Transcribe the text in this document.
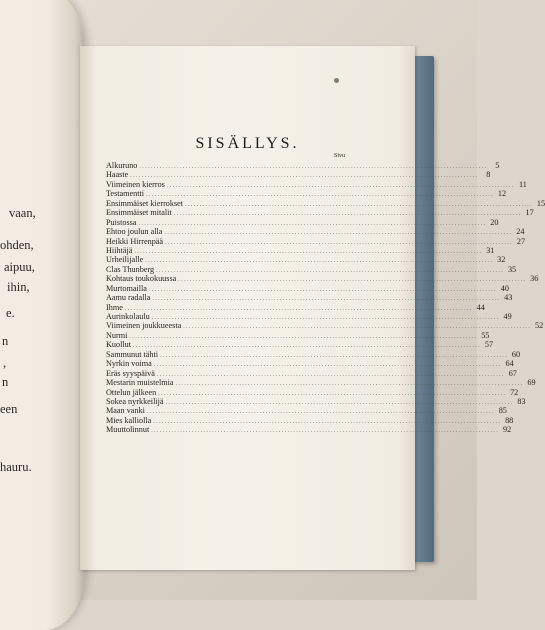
vaan,
ohden,
aipuu,
ihin,
e.
n
,
n
een
hauru.
SISÄLLYS.
Sivu
Alkurunо ........................................................................................................................ 5
Haaste ........................................................................................................................ 8
Viimeinen kierros ........................................................................................................................ 11
Testamentti ........................................................................................................................ 12
Ensimmäiset kierrokset ........................................................................................................................ 15
Ensimmäiset mitalit ........................................................................................................................ 17
Puistossa ........................................................................................................................ 20
Ehtoo joulun alla ........................................................................................................................ 24
Heikki Hirrenpää ........................................................................................................................ 27
Hiihtäjä ........................................................................................................................ 31
Urheilijalle ........................................................................................................................ 32
Clas Thunberg ........................................................................................................................ 35
Kohtaus toukokuussa ........................................................................................................................ 36
Murtomailla ........................................................................................................................ 40
Aamu radalla ........................................................................................................................ 43
Ihme ........................................................................................................................ 44
Aurinkolaulu ........................................................................................................................ 49
Viimeinen joukkueesta ........................................................................................................................ 52
Nurmi ........................................................................................................................ 55
Kuollut ........................................................................................................................ 57
Sammunut tähti ........................................................................................................................ 60
Nyrkin voima ........................................................................................................................ 64
Eräs syyspäivä ........................................................................................................................ 67
Mestarin muistelmia ........................................................................................................................ 69
Ottelun jälkeen ........................................................................................................................ 72
Sokea nyrkkeilijä ........................................................................................................................ 83
Maan vanki ........................................................................................................................ 85
Mies kalliolla ........................................................................................................................ 88
Muuttolinnut ........................................................................................................................ 92
